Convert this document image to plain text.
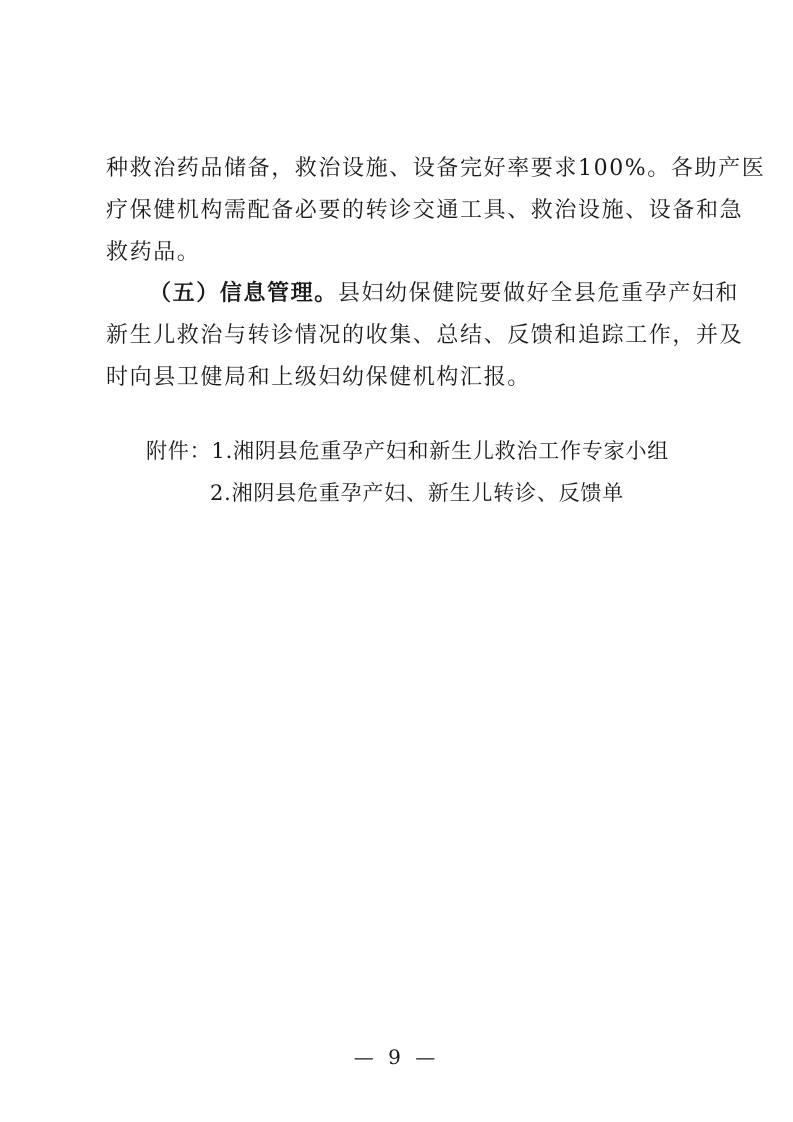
种救治药品储备，救治设施、设备完好率要求100%。各助产医
疗保健机构需配备必要的转诊交通工具、救治设施、设备和急
救药品。
（五）信息管理。县妇幼保健院要做好全县危重孕产妇和
新生儿救治与转诊情况的收集、总结、反馈和追踪工作，并及
时向县卫健局和上级妇幼保健机构汇报。
附件：1.湘阴县危重孕产妇和新生儿救治工作专家小组
2.湘阴县危重孕产妇、新生儿转诊、反馈单
— 9 —
